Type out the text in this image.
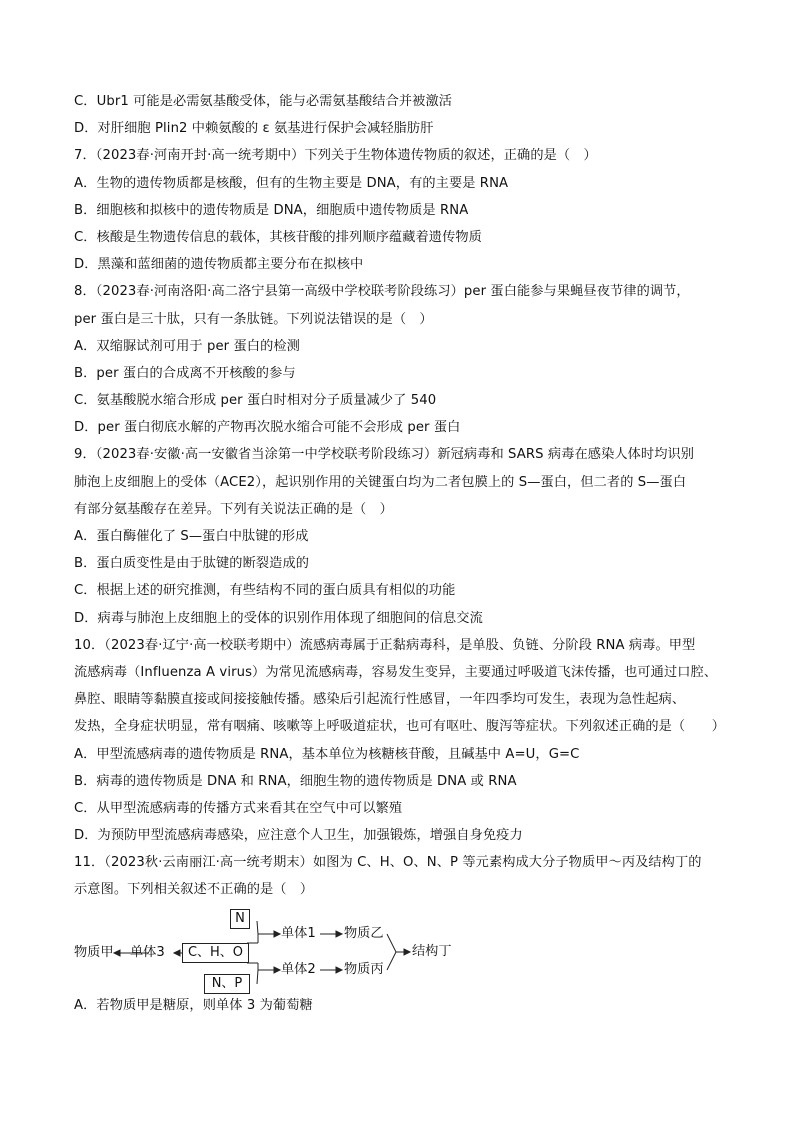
C．Ubr1 可能是必需氨基酸受体，能与必需氨基酸结合并被激活
D．对肝细胞 Plin2 中赖氨酸的 ε 氨基进行保护会减轻脂肪肝
7．（2023春·河南开封·高一统考期中）下列关于生物体遗传物质的叙述，正确的是（　）
A．生物的遗传物质都是核酸，但有的生物主要是 DNA，有的主要是 RNA
B．细胞核和拟核中的遗传物质是 DNA，细胞质中遗传物质是 RNA
C．核酸是生物遗传信息的载体，其核苷酸的排列顺序蕴藏着遗传物质
D．黑藻和蓝细菌的遗传物质都主要分布在拟核中
8．（2023春·河南洛阳·高二洛宁县第一高级中学校联考阶段练习）per 蛋白能参与果蝇昼夜节律的调节，
per 蛋白是三十肽，只有一条肽链。下列说法错误的是（　）
A．双缩脲试剂可用于 per 蛋白的检测
B．per 蛋白的合成离不开核酸的参与
C．氨基酸脱水缩合形成 per 蛋白时相对分子质量减少了 540
D．per 蛋白彻底水解的产物再次脱水缩合可能不会形成 per 蛋白
9．（2023春·安徽·高一安徽省当涂第一中学校联考阶段练习）新冠病毒和 SARS 病毒在感染人体时均识别
肺泡上皮细胞上的受体（ACE2），起识别作用的关键蛋白均为二者包膜上的 S—蛋白，但二者的 S—蛋白
有部分氨基酸存在差异。下列有关说法正确的是（　）
A．蛋白酶催化了 S—蛋白中肽键的形成
B．蛋白质变性是由于肽键的断裂造成的
C．根据上述的研究推测，有些结构不同的蛋白质具有相似的功能
D．病毒与肺泡上皮细胞上的受体的识别作用体现了细胞间的信息交流
10．（2023春·辽宁·高一校联考期中）流感病毒属于正黏病毒科，是单股、负链、分阶段 RNA 病毒。甲型
流感病毒（Influenza A virus）为常见流感病毒，容易发生变异，主要通过呼吸道飞沫传播，也可通过口腔、
鼻腔、眼睛等黏膜直接或间接接触传播。感染后引起流行性感冒，一年四季均可发生，表现为急性起病、
发热，全身症状明显，常有咽痛、咳嗽等上呼吸道症状，也可有呕吐、腹泻等症状。下列叙述正确的是（　　）
A．甲型流感病毒的遗传物质是 RNA，基本单位为核糖核苷酸，且碱基中 A=U，G=C
B．病毒的遗传物质是 DNA 和 RNA，细胞生物的遗传物质是 DNA 或 RNA
C．从甲型流感病毒的传播方式来看其在空气中可以繁殖
D．为预防甲型流感病毒感染，应注意个人卫生，加强锻炼，增强自身免疫力
11．（2023秋·云南丽江·高一统考期末）如图为 C、H、O、N、P 等元素构成大分子物质甲～丙及结构丁的
示意图。下列相关叙述不正确的是（　）
N
C、H、O
N、P
物质甲 单体3
单体1
单体2
物质乙
物质丙
结构丁
A．若物质甲是糖原，则单体 3 为葡萄糖
